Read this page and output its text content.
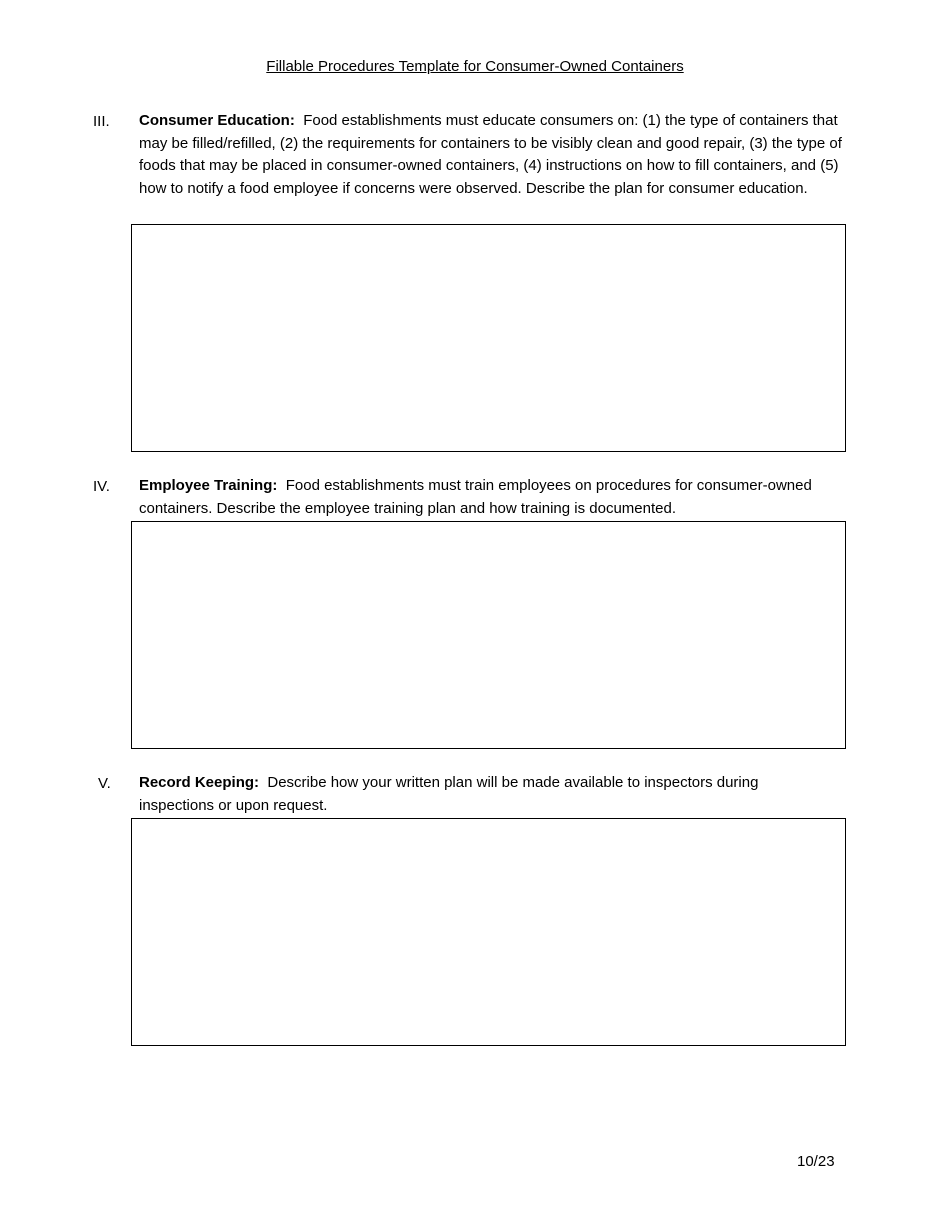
Fillable Procedures Template for Consumer-Owned Containers
III. Consumer Education: Food establishments must educate consumers on: (1) the type of containers that may be filled/refilled, (2) the requirements for containers to be visibly clean and good repair, (3) the type of foods that may be placed in consumer-owned containers, (4) instructions on how to fill containers, and (5) how to notify a food employee if concerns were observed. Describe the plan for consumer education.
IV. Employee Training: Food establishments must train employees on procedures for consumer-owned containers. Describe the employee training plan and how training is documented.
V. Record Keeping: Describe how your written plan will be made available to inspectors during inspections or upon request.
10/23
